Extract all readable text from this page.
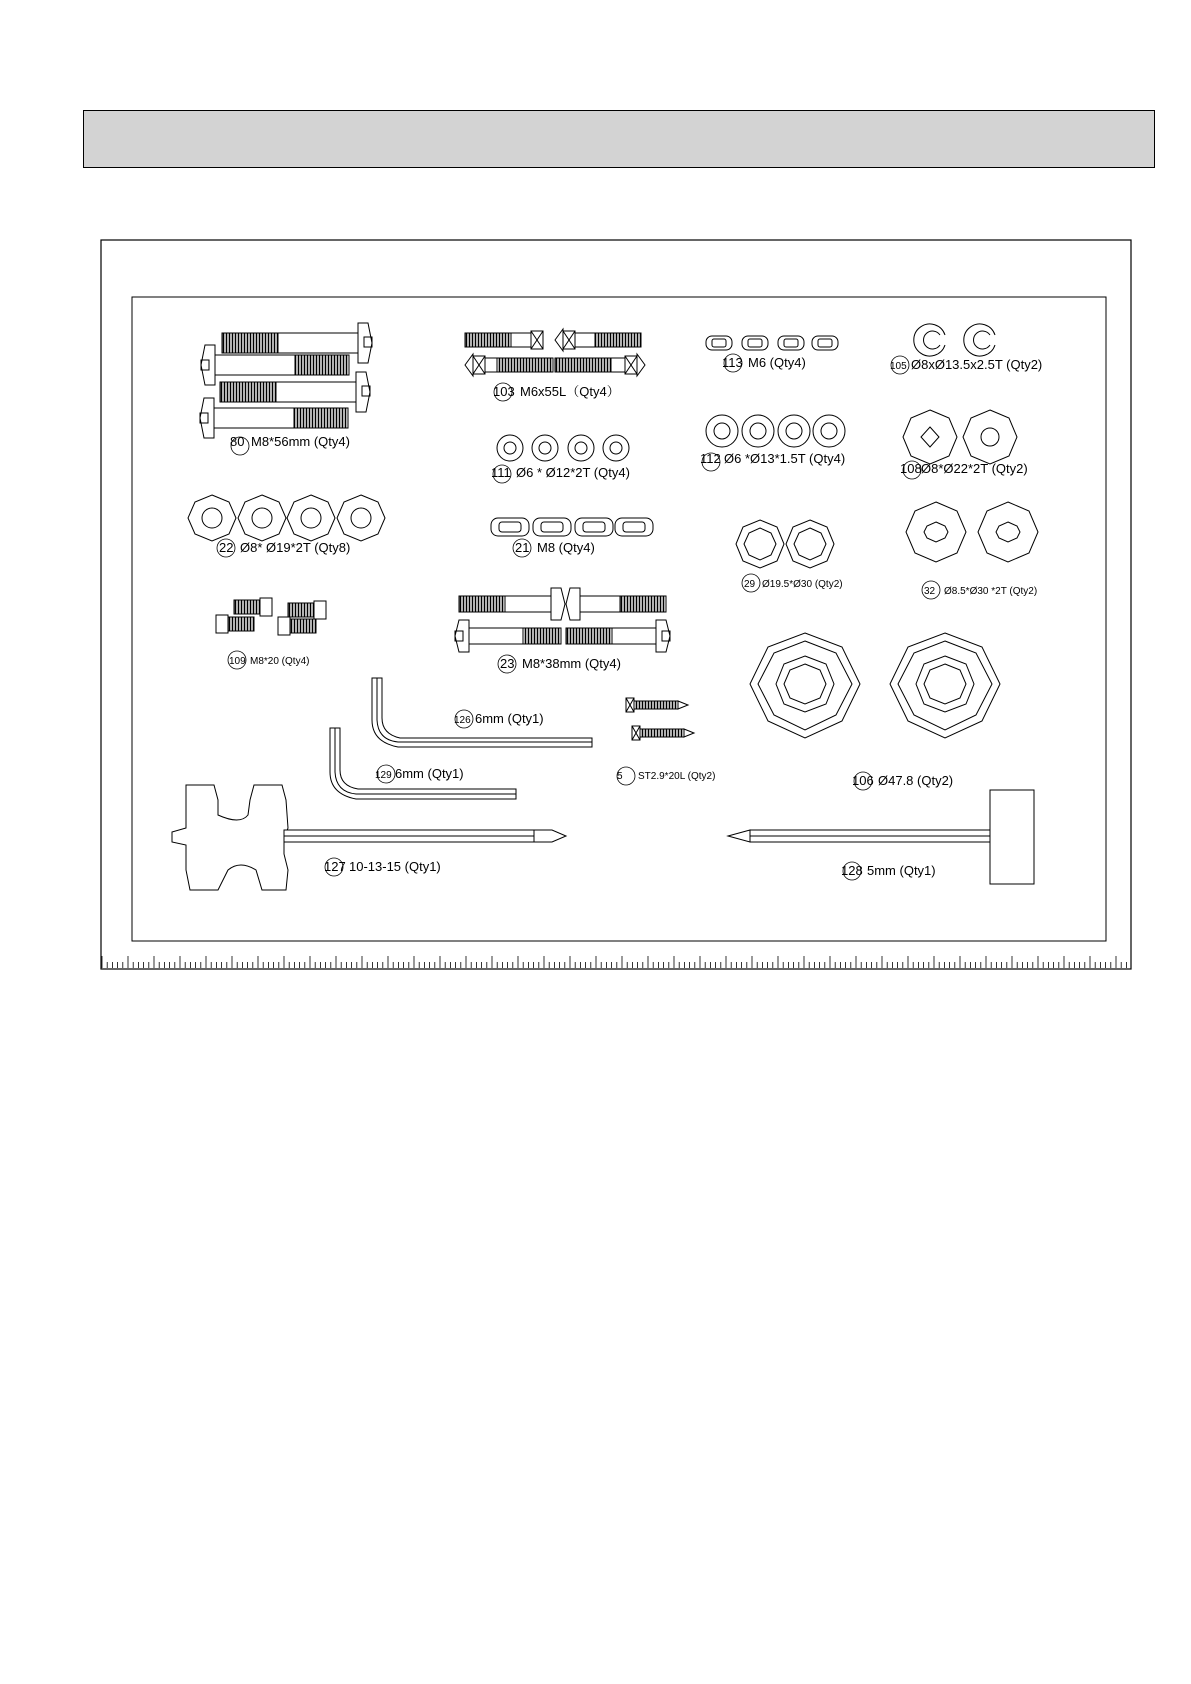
80 M8*56mm (Qty4)
103 M6x55L（Qty4）
113 M6 (Qty4)	105 Ø8xØ13.5x2.5T (Qty2)
111 Ø6 * Ø12*2T (Qty4)
112 Ø6 *Ø13*1.5T (Qty4)
108 Ø8*Ø22*2T (Qty2)
22 Ø8* Ø19*2T (Qty8)	21 M8 (Qty4)
29 Ø19.5*Ø30 (Qty2)
32 Ø8.5*Ø30 *2T (Qty2)
109 M8*20 (Qty4)	23 M8*38mm (Qty4)
126 6mm (Qty1)
129 6mm (Qty1)	5 ST2.9*20L (Qty2)	106 Ø47.8 (Qty2)
127 10-13-15 (Qty1)	128 5mm (Qty1)
